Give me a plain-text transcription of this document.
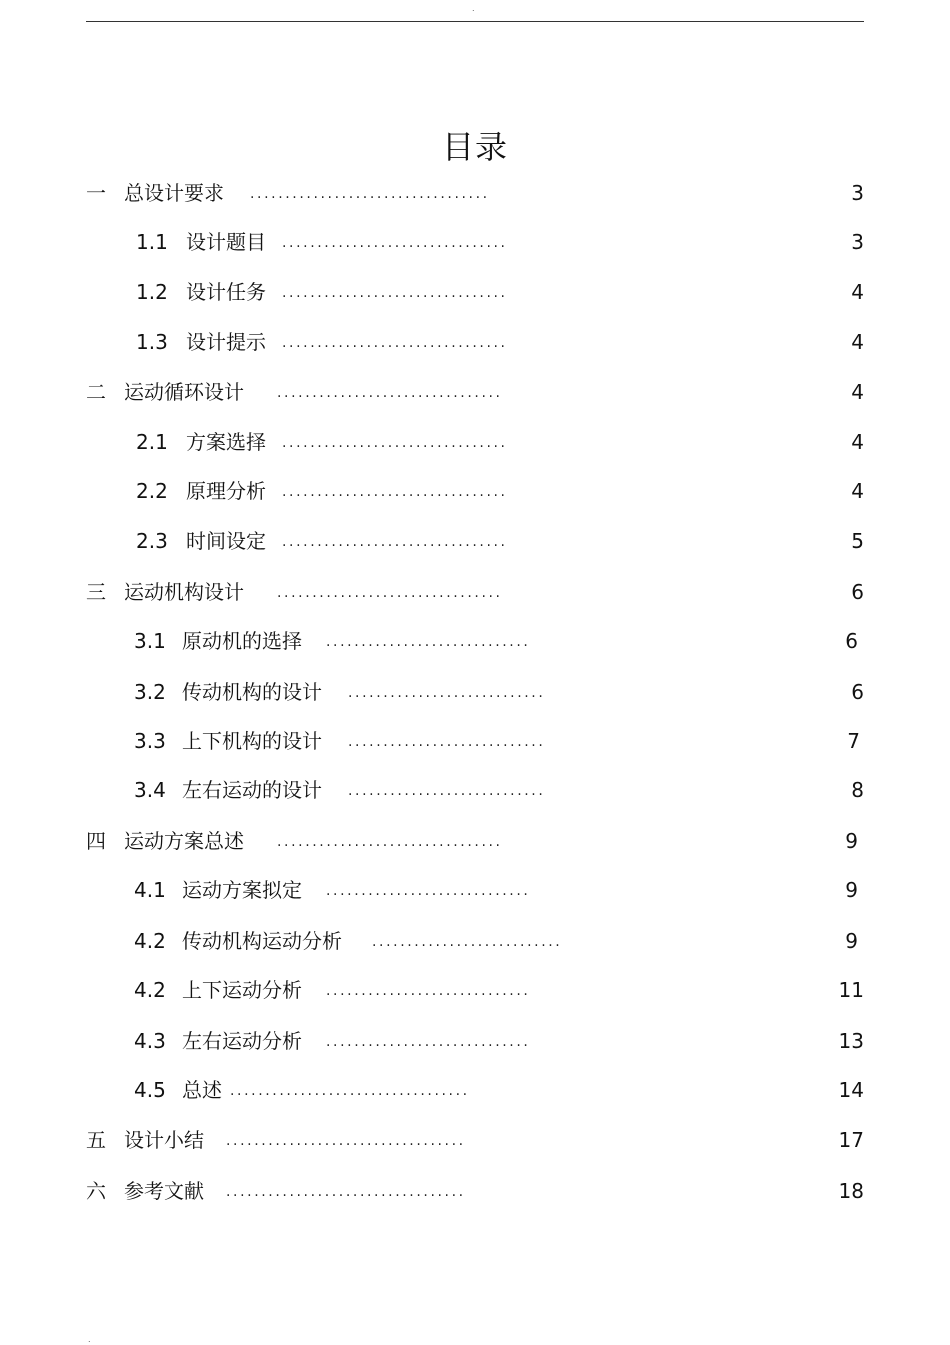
.
目录
一 总设计要求 ..................................	3
1.1 设计题目 ................................	3
1.2 设计任务 ................................	4
1.3 设计提示 ................................	4
二 运动循环设计 ................................	4
2.1 方案选择 ................................	4
2.2 原理分析 ................................	4
2.3 时间设定 ................................	5
三 运动机构设计 ................................	6
3.1 原动机的选择 .............................	6
3.2 传动机构的设计 ............................	6
3.3 上下机构的设计 ............................	7
3.4 左右运动的设计 ............................	8
四 运动方案总述 ................................	9
4.1 运动方案拟定 .............................	9
4.2 传动机构运动分析 ...........................	9
4.2 上下运动分析 .............................	11
4.3 左右运动分析 .............................	13
4.5 总述 ..................................	14
五 设计小结 ..................................	17
六 参考文献 ..................................	18
.
